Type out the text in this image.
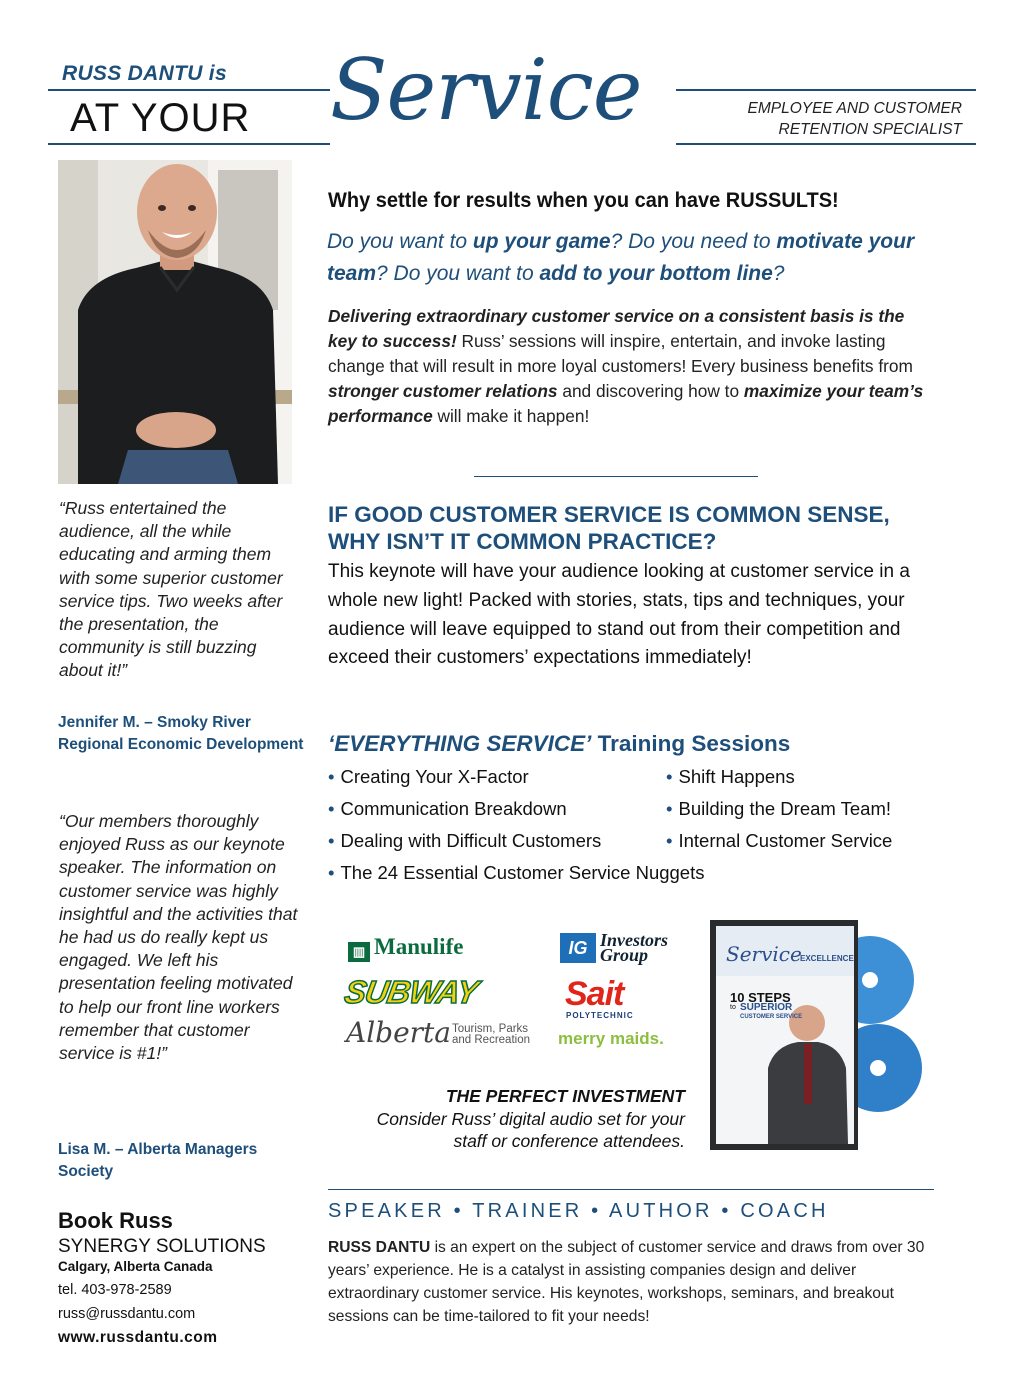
RUSS DANTU is
AT YOUR Service	EMPLOYEE AND CUSTOMER
RETENTION SPECIALIST
“Russ entertained the audience, all the while educating and arming them with some superior customer service tips. Two weeks after the presentation, the community is still buzzing about it!”
Jennifer M. – Smoky River Regional Economic Development
“Our members thoroughly enjoyed Russ as our keynote speaker. The information on customer service was highly insightful and the activities that he had us do really kept us engaged. We left his presentation feeling motivated to help our front line workers remember that customer service is #1!”
Lisa M. – Alberta Managers Society
Book Russ
SYNERGY SOLUTIONS
Calgary, Alberta Canada
tel. 403-978-2589
russ@russdantu.com
www.russdantu.com
Why settle for results when you can have RUSSULTS!
Do you want to up your game? Do you need to motivate your team? Do you want to add to your bottom line?
Delivering extraordinary customer service on a consistent basis is the key to success! Russ’ sessions will inspire, entertain, and invoke lasting change that will result in more loyal customers! Every business benefits from stronger customer relations and discovering how to maximize your team’s performance will make it happen!
IF GOOD CUSTOMER SERVICE IS COMMON SENSE, WHY ISN’T IT COMMON PRACTICE?
This keynote will have your audience looking at customer service in a whole new light! Packed with stories, stats, tips and techniques, your audience will leave equipped to stand out from their competition and exceed their customers’ expectations immediately!
‘EVERYTHING SERVICE’ Training Sessions
• Creating Your X-Factor
• Communication Breakdown
• Dealing with Difficult Customers
• The 24 Essential Customer Service Nuggets
• Shift Happens
• Building the Dream Team!
• Internal Customer Service
▥ Manulife
SUBWAY
Alberta Tourism, Parks
and Recreation
IG Investors
Group
Sait
POLYTECHNIC
merry maids.
THE PERFECT INVESTMENT
Consider Russ’ digital audio set for your staff or conference attendees.
Service
EXCELLENCE
10 STEPS
to SUPERIOR
CUSTOMER SERVICE
SPEAKER • TRAINER • AUTHOR • COACH
RUSS DANTU is an expert on the subject of customer service and draws from over 30 years’ experience. He is a catalyst in assisting companies design and deliver extraordinary customer service. His keynotes, workshops, seminars, and breakout sessions can be time-tailored to fit your needs!
